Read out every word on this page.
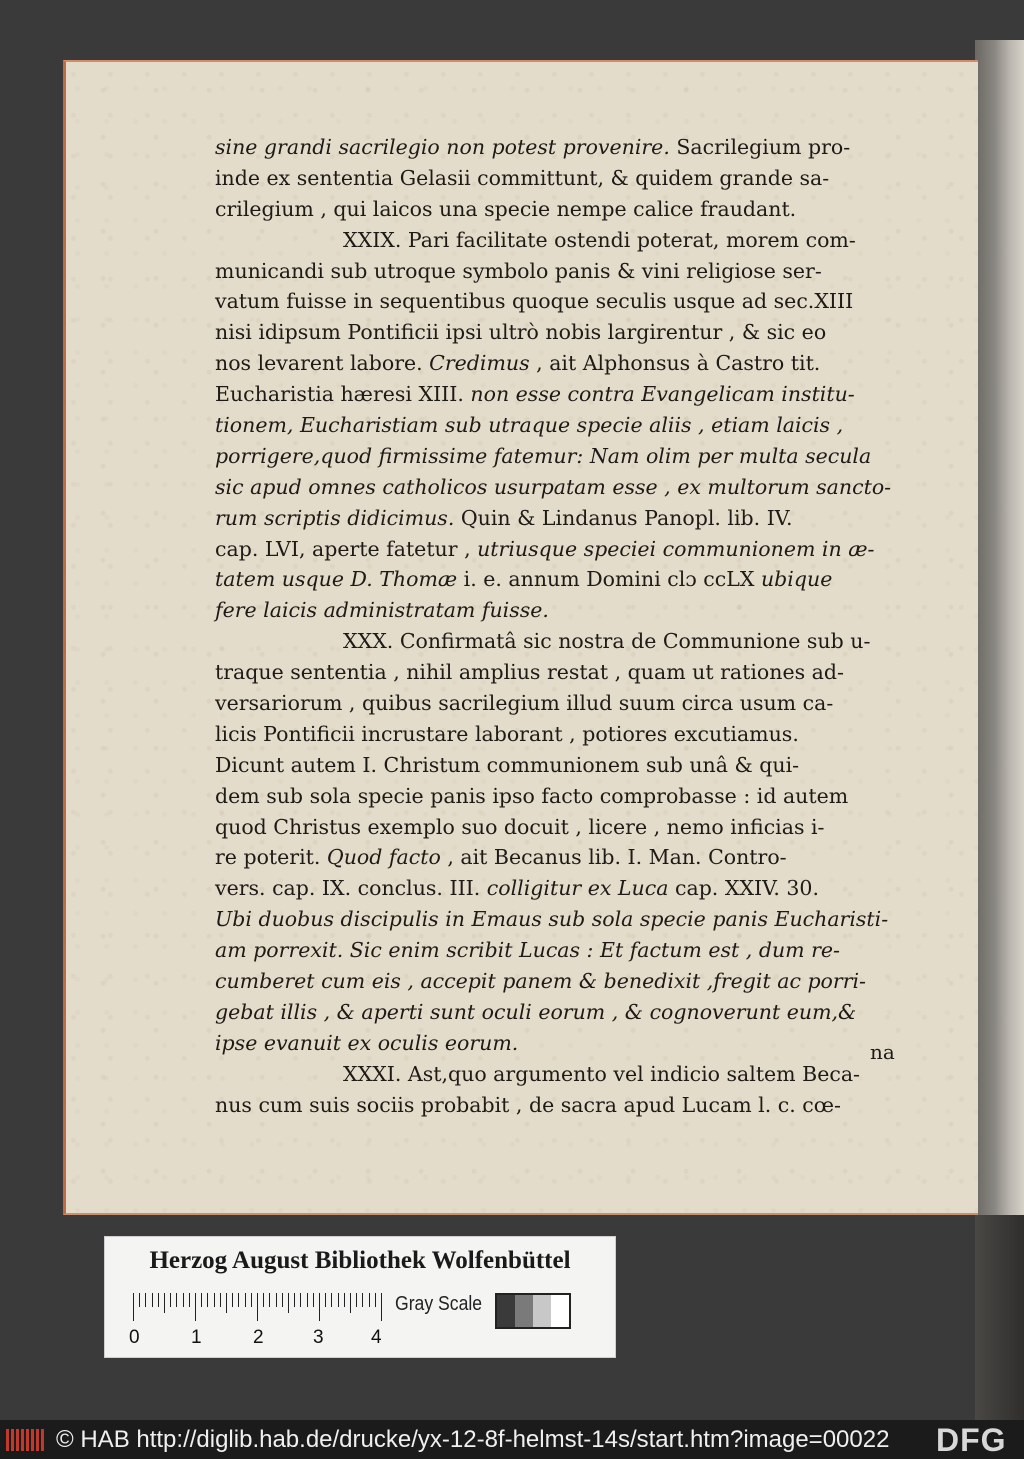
sine grandi sacrilegio non potest provenire. Sacrilegium pro-
inde ex sententia Gelasii committunt, & quidem grande sa-
crilegium , qui laicos una specie nempe calice fraudant.
XXIX. Pari facilitate ostendi poterat, morem com-
municandi sub utroque symbolo panis & vini religiose ser-
vatum fuisse in sequentibus quoque seculis usque ad sec.XIII
nisi idipsum Pontificii ipsi ultrò nobis largirentur , & sic eo
nos levarent labore. Credimus , ait Alphonsus à Castro tit.
Eucharistia hæresi XIII. non esse contra Evangelicam institu-
tionem, Eucharistiam sub utraque specie aliis , etiam laicis ,
porrigere,quod firmissime fatemur: Nam olim per multa secula
sic apud omnes catholicos usurpatam esse , ex multorum sancto-
rum scriptis didicimus. Quin & Lindanus Panopl. lib. IV.
cap. LVI, aperte fatetur , utriusque speciei communionem in æ-
tatem usque D. Thomæ i. e. annum Domini clɔ ccLX ubique
fere laicis administratam fuisse.
XXX. Confirmatâ sic nostra de Communione sub u-
traque sententia , nihil amplius restat , quam ut rationes ad-
versariorum , quibus sacrilegium illud suum circa usum ca-
licis Pontificii incrustare laborant , potiores excutiamus.
Dicunt autem I. Christum communionem sub unâ & qui-
dem sub sola specie panis ipso facto comprobasse : id autem
quod Christus exemplo suo docuit , licere , nemo inficias i-
re poterit. Quod facto , ait Becanus lib. I. Man. Contro-
vers. cap. IX. conclus. III. colligitur ex Luca cap. XXIV. 30.
Ubi duobus discipulis in Emaus sub sola specie panis Eucharisti-
am porrexit. Sic enim scribit Lucas : Et factum est , dum re-
cumberet cum eis , accepit panem & benedixit ,fregit ac porri-
gebat illis , & aperti sunt oculi eorum , & cognoverunt eum,&
ipse evanuit ex oculis eorum.
XXXI. Ast,quo argumento vel indicio saltem Beca-
nus cum suis sociis probabit , de sacra apud Lucam l. c. cœ-
na
Herzog August Bibliothek Wolfenbüttel
0	1	2	3 4
Gray Scale
© HAB http://diglib.hab.de/drucke/yx-12-8f-helmst-14s/start.htm?image=00022 DFG
